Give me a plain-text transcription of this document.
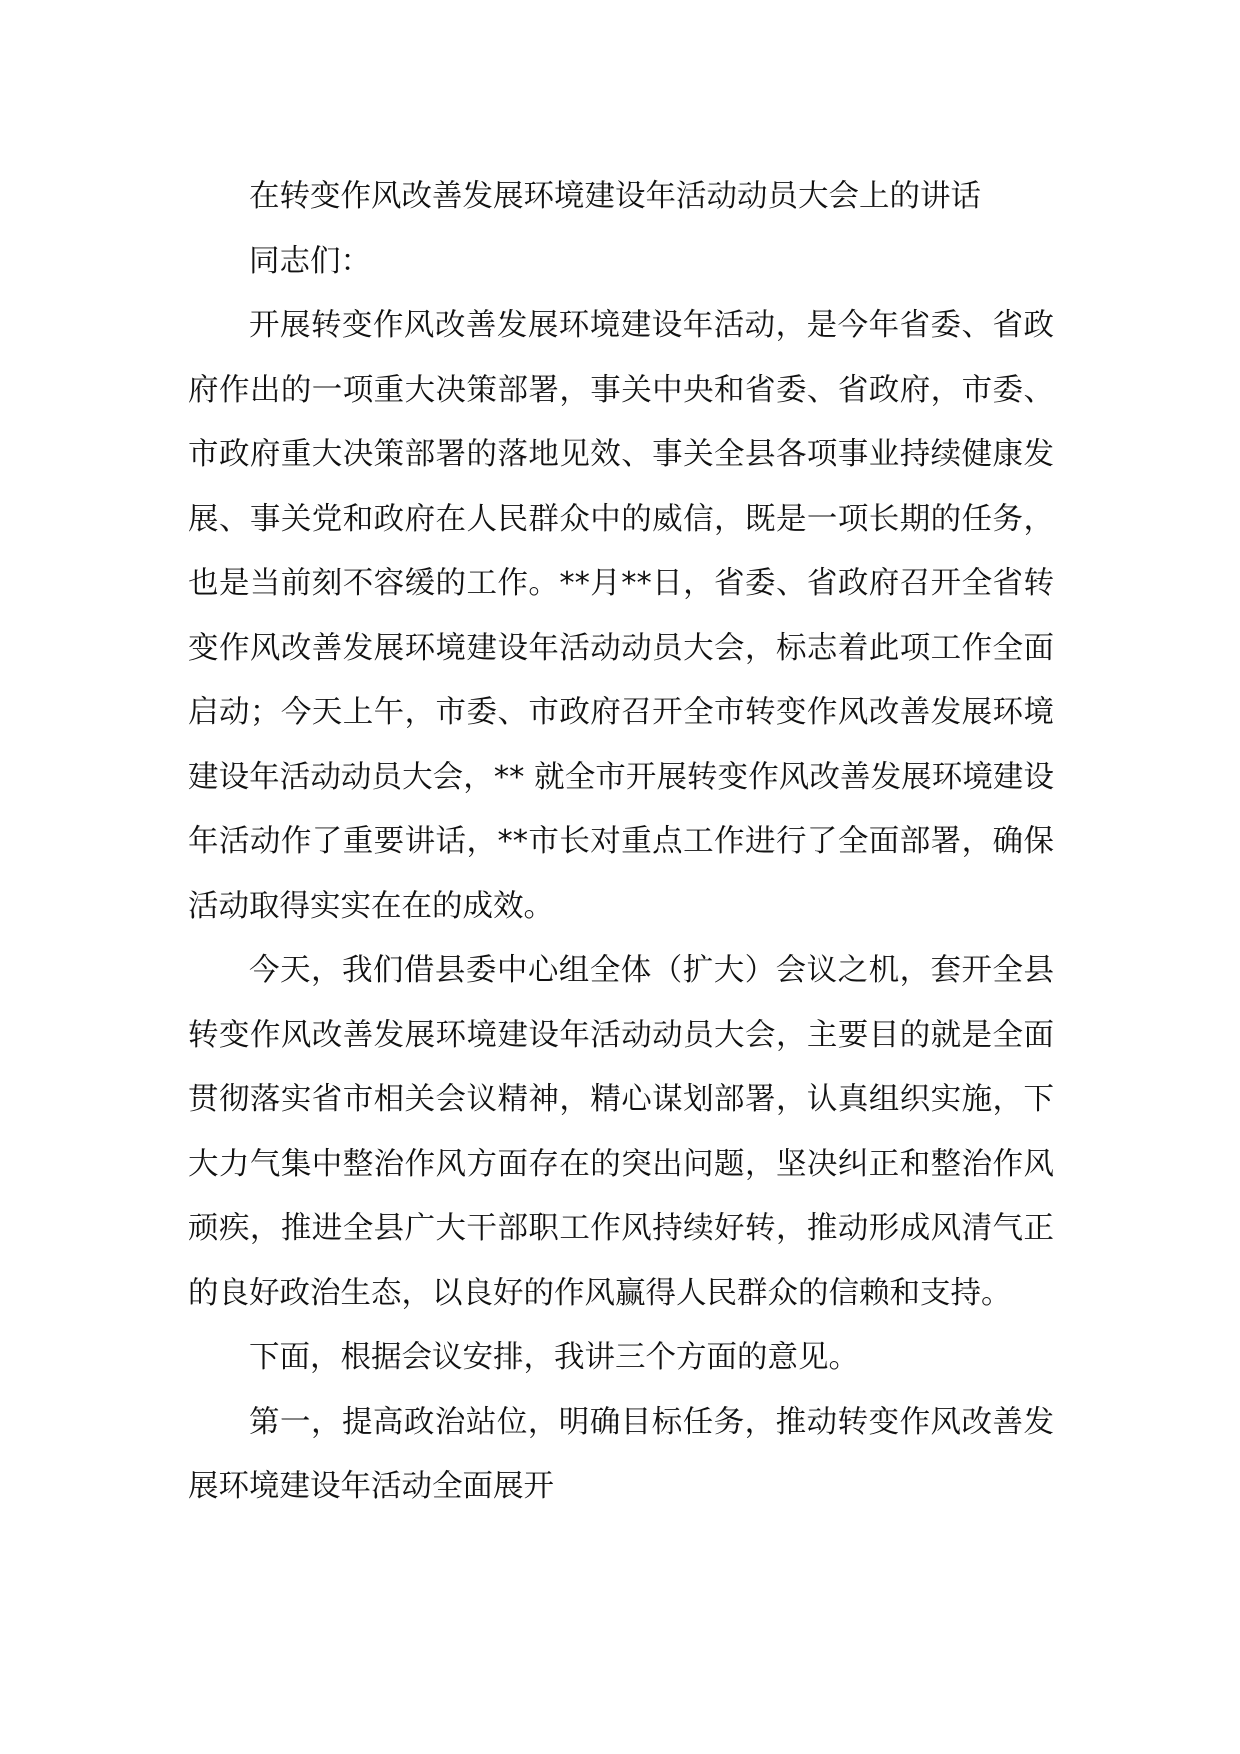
在转变作风改善发展环境建设年活动动员大会上的讲话

同志们：

开展转变作风改善发展环境建设年活动，是今年省委、省政府作出的一项重大决策部署，事关中央和省委、省政府，市委、市政府重大决策部署的落地见效、事关全县各项事业持续健康发展、事关党和政府在人民群众中的威信，既是一项长期的任务，也是当前刻不容缓的工作。**月**日，省委、省政府召开全省转变作风改善发展环境建设年活动动员大会，标志着此项工作全面启动；今天上午，市委、市政府召开全市转变作风改善发展环境建设年活动动员大会，** 就全市开展转变作风改善发展环境建设年活动作了重要讲话，**市长对重点工作进行了全面部署，确保活动取得实实在在的成效。

今天，我们借县委中心组全体（扩大）会议之机，套开全县转变作风改善发展环境建设年活动动员大会，主要目的就是全面贯彻落实省市相关会议精神，精心谋划部署，认真组织实施，下大力气集中整治作风方面存在的突出问题，坚决纠正和整治作风顽疾，推进全县广大干部职工作风持续好转，推动形成风清气正的良好政治生态，以良好的作风赢得人民群众的信赖和支持。

下面，根据会议安排，我讲三个方面的意见。

第一，提高政治站位，明确目标任务，推动转变作风改善发展环境建设年活动全面展开
